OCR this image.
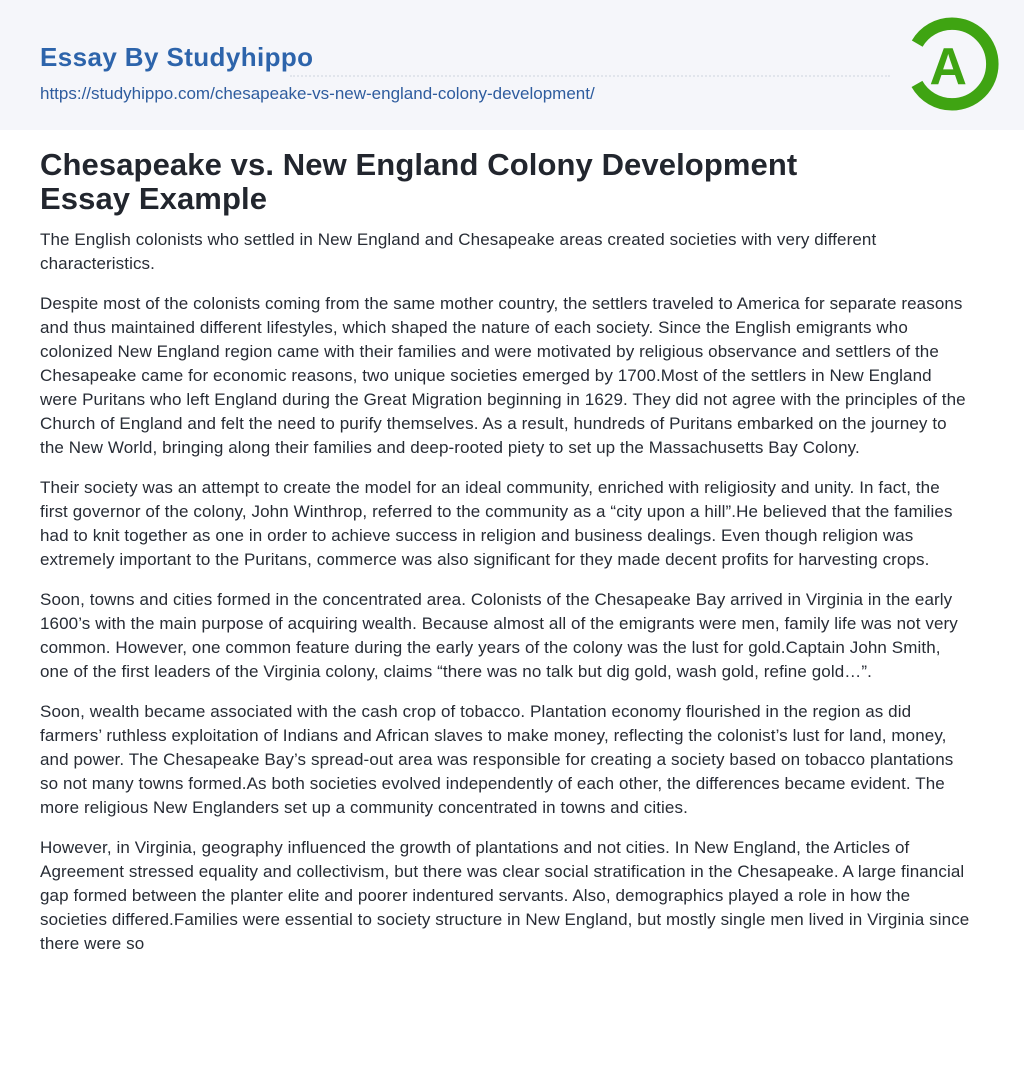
Essay By Studyhippo
https://studyhippo.com/chesapeake-vs-new-england-colony-development/	A
Chesapeake vs. New England Colony Development Essay Example

The English colonists who settled in New England and Chesapeake areas created societies with very different characteristics.

Despite most of the colonists coming from the same mother country, the settlers traveled to America for separate reasons and thus maintained different lifestyles, which shaped the nature of each society. Since the English emigrants who colonized New England region came with their families and were motivated by religious observance and settlers of the Chesapeake came for economic reasons, two unique societies emerged by 1700.Most of the settlers in New England were Puritans who left England during the Great Migration beginning in 1629. They did not agree with the principles of the Church of England and felt the need to purify themselves. As a result, hundreds of Puritans embarked on the journey to the New World, bringing along their families and deep-rooted piety to set up the Massachusetts Bay Colony.

Their society was an attempt to create the model for an ideal community, enriched with religiosity and unity. In fact, the first governor of the colony, John Winthrop, referred to the community as a “city upon a hill”.He believed that the families had to knit together as one in order to achieve success in religion and business dealings. Even though religion was extremely important to the Puritans, commerce was also significant for they made decent profits for harvesting crops.

Soon, towns and cities formed in the concentrated area. Colonists of the Chesapeake Bay arrived in Virginia in the early 1600’s with the main purpose of acquiring wealth. Because almost all of the emigrants were men, family life was not very common. However, one common feature during the early years of the colony was the lust for gold.Captain John Smith, one of the first leaders of the Virginia colony, claims “there was no talk but dig gold, wash gold, refine gold…”.

Soon, wealth became associated with the cash crop of tobacco. Plantation economy flourished in the region as did farmers’ ruthless exploitation of Indians and African slaves to make money, reflecting the colonist’s lust for land, money, and power. The Chesapeake Bay’s spread-out area was responsible for creating a society based on tobacco plantations so not many towns formed.As both societies evolved independently of each other, the differences became evident. The more religious New Englanders set up a community concentrated in towns and cities.

However, in Virginia, geography influenced the growth of plantations and not cities. In New England, the Articles of Agreement stressed equality and collectivism, but there was clear social stratification in the Chesapeake. A large financial gap formed between the planter elite and poorer indentured servants. Also, demographics played a role in how the societies differed.Families were essential to society structure in New England, but mostly single men lived in Virginia since there were so
